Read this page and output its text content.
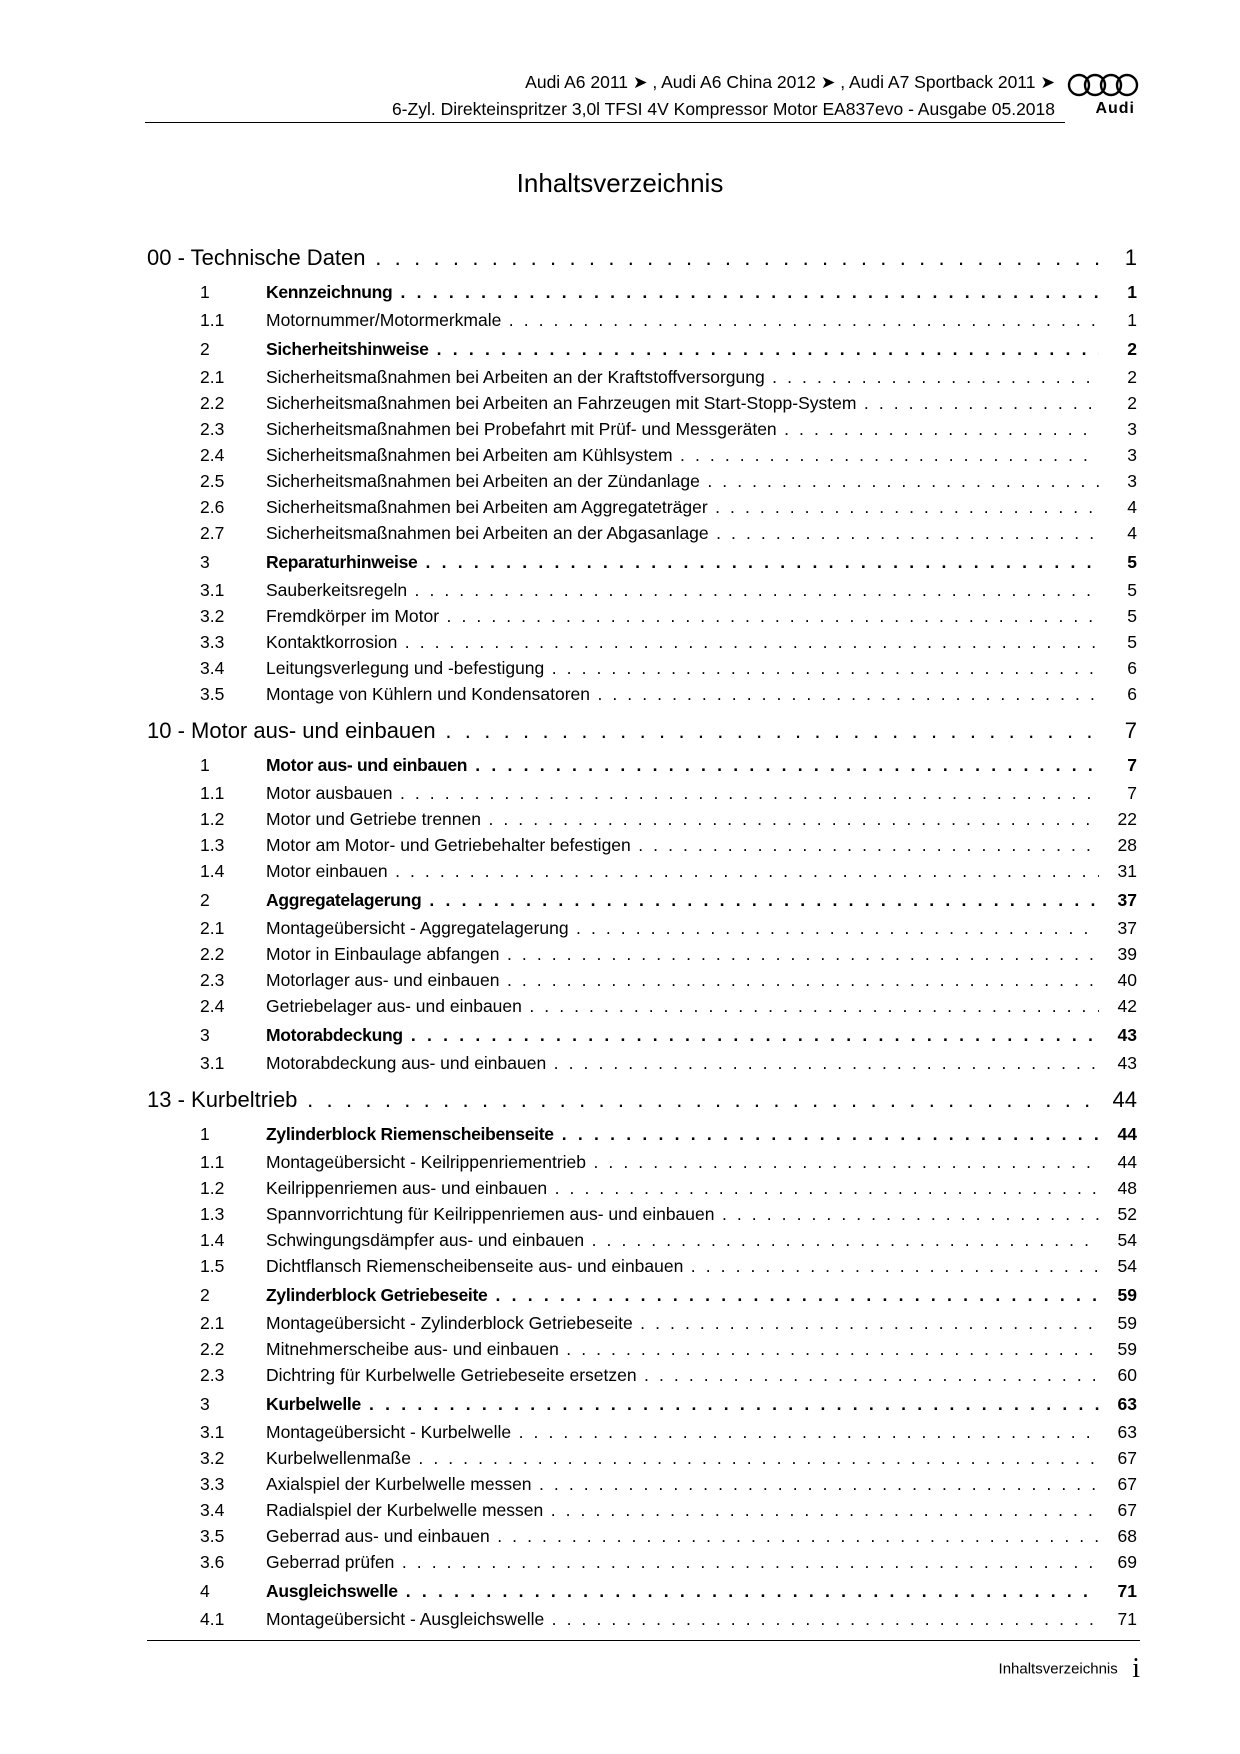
Audi A6 2011 ➤ , Audi A6 China 2012 ➤ , Audi A7 Sportback 2011 ➤
6-Zyl. Direkteinspritzer 3,0l TFSI 4V Kompressor Motor EA837evo - Ausgabe 05.2018	Audi
Inhaltsverzeichnis
00 - Technische Daten . . .	1
1	Kennzeichnung . . .	1
1.1 Motornummer/Motormerkmale . . .	1
2	Sicherheitshinweise . . .	2
2.1 Sicherheitsmaßnahmen bei Arbeiten an der Kraftstoffversorgung . . .	2
2.2 Sicherheitsmaßnahmen bei Arbeiten an Fahrzeugen mit Start-Stopp-System . . .	2
2.3 Sicherheitsmaßnahmen bei Probefahrt mit Prüf- und Messgeräten . . .	3
2.4 Sicherheitsmaßnahmen bei Arbeiten am Kühlsystem . . .	3
2.5 Sicherheitsmaßnahmen bei Arbeiten an der Zündanlage . . .	3
2.6 Sicherheitsmaßnahmen bei Arbeiten am Aggregateträger . . .	4
2.7 Sicherheitsmaßnahmen bei Arbeiten an der Abgasanlage . . .	4
3	Reparaturhinweise . . .	5
3.1 Sauberkeitsregeln . . .	5
3.2 Fremdkörper im Motor . . .	5
3.3 Kontaktkorrosion . . .	5
3.4 Leitungsverlegung und -befestigung . . .	6
3.5 Montage von Kühlern und Kondensatoren . . .	6
10 - Motor aus- und einbauen . . .	7
1	Motor aus- und einbauen . . .	7
1.1 Motor ausbauen . . .	7
1.2 Motor und Getriebe trennen . . .	22
1.3 Motor am Motor- und Getriebehalter befestigen . . .	28
1.4 Motor einbauen . . .	31
2	Aggregatelagerung . . .	37
2.1 Montageübersicht - Aggregatelagerung . . .	37
2.2 Motor in Einbaulage abfangen . . .	39
2.3 Motorlager aus- und einbauen . . .	40
2.4 Getriebelager aus- und einbauen . . .	42
3	Motorabdeckung . . .	43
3.1 Motorabdeckung aus- und einbauen . . .	43
13 - Kurbeltrieb . . .	44
1	Zylinderblock Riemenscheibenseite . . .	44
1.1 Montageübersicht - Keilrippenriementrieb . . .	44
1.2 Keilrippenriemen aus- und einbauen . . .	48
1.3 Spannvorrichtung für Keilrippenriemen aus- und einbauen . . .	52
1.4 Schwingungsdämpfer aus- und einbauen . . .	54
1.5 Dichtflansch Riemenscheibenseite aus- und einbauen . . .	54
2	Zylinderblock Getriebeseite . . .	59
2.1 Montageübersicht - Zylinderblock Getriebeseite . . .	59
2.2 Mitnehmerscheibe aus- und einbauen . . .	59
2.3 Dichtring für Kurbelwelle Getriebeseite ersetzen . . .	60
3	Kurbelwelle . . .	63
3.1 Montageübersicht - Kurbelwelle . . .	63
3.2 Kurbelwellenmaße . . .	67
3.3 Axialspiel der Kurbelwelle messen . . .	67
3.4 Radialspiel der Kurbelwelle messen . . .	67
3.5 Geberrad aus- und einbauen . . .	68
3.6 Geberrad prüfen . . .	69
4	Ausgleichswelle . . .	71
4.1 Montageübersicht - Ausgleichswelle . . .	71
Inhaltsverzeichnis i
